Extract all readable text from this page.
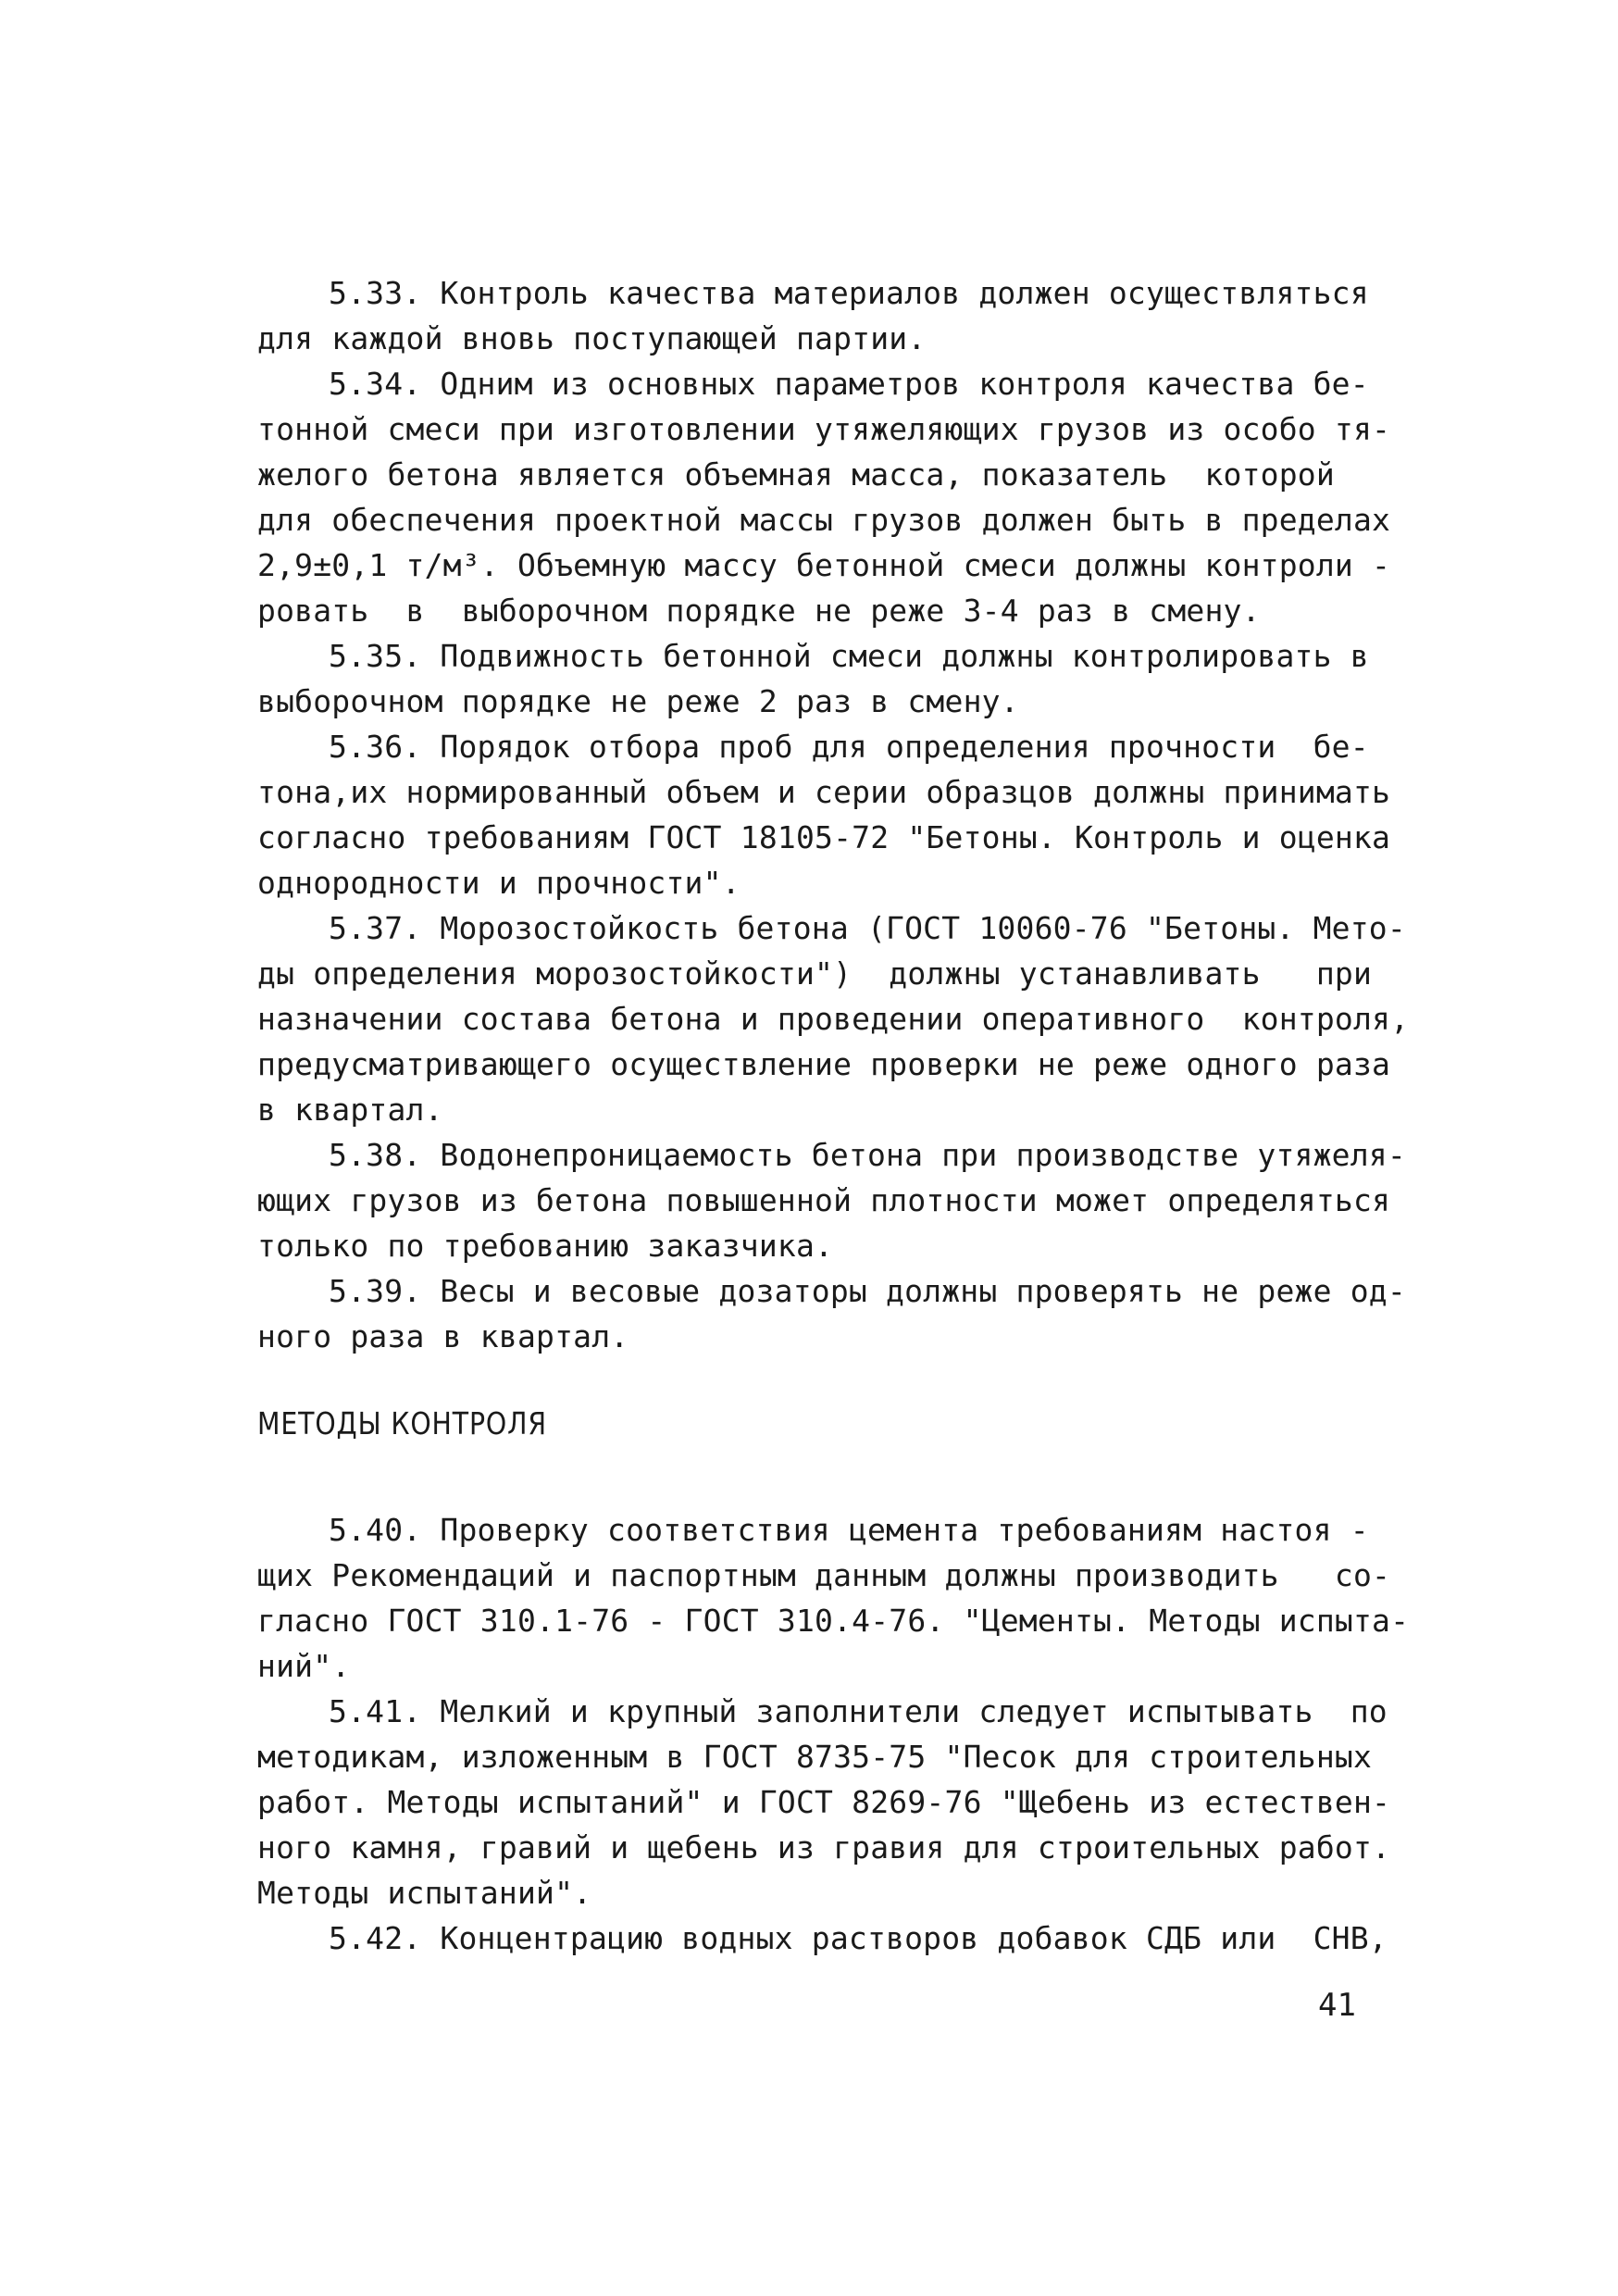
5.33. Контроль качества материалов должен осуществляться
для каждой вновь поступающей партии.
5.34. Одним из основных параметров контроля качества бе-
тонной смеси при изготовлении утяжеляющих грузов из особо тя-
желого бетона является объемная масса, показатель  которой
для обеспечения проектной массы грузов должен быть в пределах
2,9±0,1 т/м³. Объемную массу бетонной смеси должны контроли -
ровать  в  выборочном порядке не реже 3-4 раз в смену.
5.35. Подвижность бетонной смеси должны контролировать в
выборочном порядке не реже 2 раз в смену.
5.36. Порядок отбора проб для определения прочности  бе-
тона,их нормированный объем и серии образцов должны принимать
согласно требованиям ГОСТ 18105-72 "Бетоны. Контроль и оценка
однородности и прочности".
5.37. Морозостойкость бетона (ГОСТ 10060-76 "Бетоны. Мето-
ды определения морозостойкости")  должны устанавливать   при
назначении состава бетона и проведении оперативного  контроля,
предусматривающего осуществление проверки не реже одного раза
в квартал.
5.38. Водонепроницаемость бетона при производстве утяжеля-
ющих грузов из бетона повышенной плотности может определяться
только по требованию заказчика.
5.39. Весы и весовые дозаторы должны проверять не реже од-
ного раза в квартал.
МЕТОДЫ КОНТРОЛЯ
5.40. Проверку соответствия цемента требованиям настоя -
щих Рекомендаций и паспортным данным должны производить   со-
гласно ГОСТ 310.1-76 - ГОСТ 310.4-76. "Цементы. Методы испыта-
ний".
5.41. Мелкий и крупный заполнители следует испытывать  по
методикам, изложенным в ГОСТ 8735-75 "Песок для строительных
работ. Методы испытаний" и ГОСТ 8269-76 "Щебень из естествен-
ного камня, гравий и щебень из гравия для строительных работ.
Методы испытаний".
5.42. Концентрацию водных растворов добавок СДБ или  СНВ,
41
